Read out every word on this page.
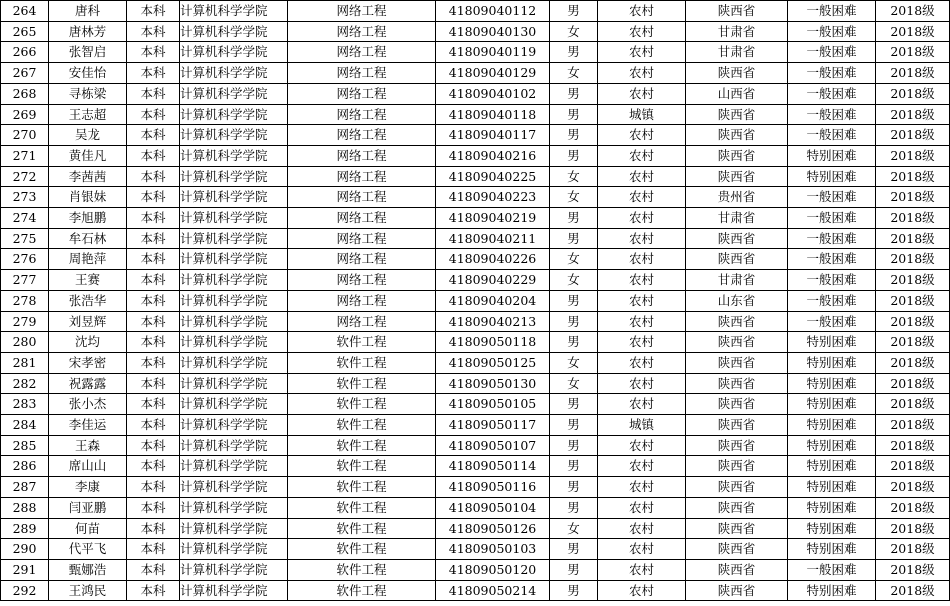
264	唐科	本科	计算机科学学院	网络工程	41809040112	男	农村	陕西省	一般困难	2018级
265	唐林芳	本科	计算机科学学院	网络工程	41809040130	女	农村	甘肃省	一般困难	2018级
266	张智启	本科	计算机科学学院	网络工程	41809040119	男	农村	甘肃省	一般困难	2018级
267	安佳怡	本科	计算机科学学院	网络工程	41809040129	女	农村	陕西省	一般困难	2018级
268	寻栋梁	本科	计算机科学学院	网络工程	41809040102	男	农村	山西省	一般困难	2018级
269	王志超	本科	计算机科学学院	网络工程	41809040118	男	城镇	陕西省	一般困难	2018级
270	吴龙	本科	计算机科学学院	网络工程	41809040117	男	农村	陕西省	一般困难	2018级
271	黄佳凡	本科	计算机科学学院	网络工程	41809040216	男	农村	陕西省	特别困难	2018级
272	李茜茜	本科	计算机科学学院	网络工程	41809040225	女	农村	陕西省	特别困难	2018级
273	肖银妹	本科	计算机科学学院	网络工程	41809040223	女	农村	贵州省	一般困难	2018级
274	李旭鹏	本科	计算机科学学院	网络工程	41809040219	男	农村	甘肃省	一般困难	2018级
275	牟石林	本科	计算机科学学院	网络工程	41809040211	男	农村	陕西省	一般困难	2018级
276	周艳萍	本科	计算机科学学院	网络工程	41809040226	女	农村	陕西省	一般困难	2018级
277	王赛	本科	计算机科学学院	网络工程	41809040229	女	农村	甘肃省	一般困难	2018级
278	张浩华	本科	计算机科学学院	网络工程	41809040204	男	农村	山东省	一般困难	2018级
279	刘昱辉	本科	计算机科学学院	网络工程	41809040213	男	农村	陕西省	一般困难	2018级
280	沈均	本科	计算机科学学院	软件工程	41809050118	男	农村	陕西省	特别困难	2018级
281	宋孝密	本科	计算机科学学院	软件工程	41809050125	女	农村	陕西省	特别困难	2018级
282	祝露露	本科	计算机科学学院	软件工程	41809050130	女	农村	陕西省	特别困难	2018级
283	张小杰	本科	计算机科学学院	软件工程	41809050105	男	农村	陕西省	特别困难	2018级
284	李佳运	本科	计算机科学学院	软件工程	41809050117	男	城镇	陕西省	特别困难	2018级
285	王森	本科	计算机科学学院	软件工程	41809050107	男	农村	陕西省	特别困难	2018级
286	席山山	本科	计算机科学学院	软件工程	41809050114	男	农村	陕西省	特别困难	2018级
287	李康	本科	计算机科学学院	软件工程	41809050116	男	农村	陕西省	特别困难	2018级
288	闫亚鹏	本科	计算机科学学院	软件工程	41809050104	男	农村	陕西省	特别困难	2018级
289	何苗	本科	计算机科学学院	软件工程	41809050126	女	农村	陕西省	特别困难	2018级
290	代平飞	本科	计算机科学学院	软件工程	41809050103	男	农村	陕西省	特别困难	2018级
291	甄娜浩	本科	计算机科学学院	软件工程	41809050120	男	农村	陕西省	一般困难	2018级
292	王鸿民	本科	计算机科学学院	软件工程	41809050214	男	农村	陕西省	特别困难	2018级
